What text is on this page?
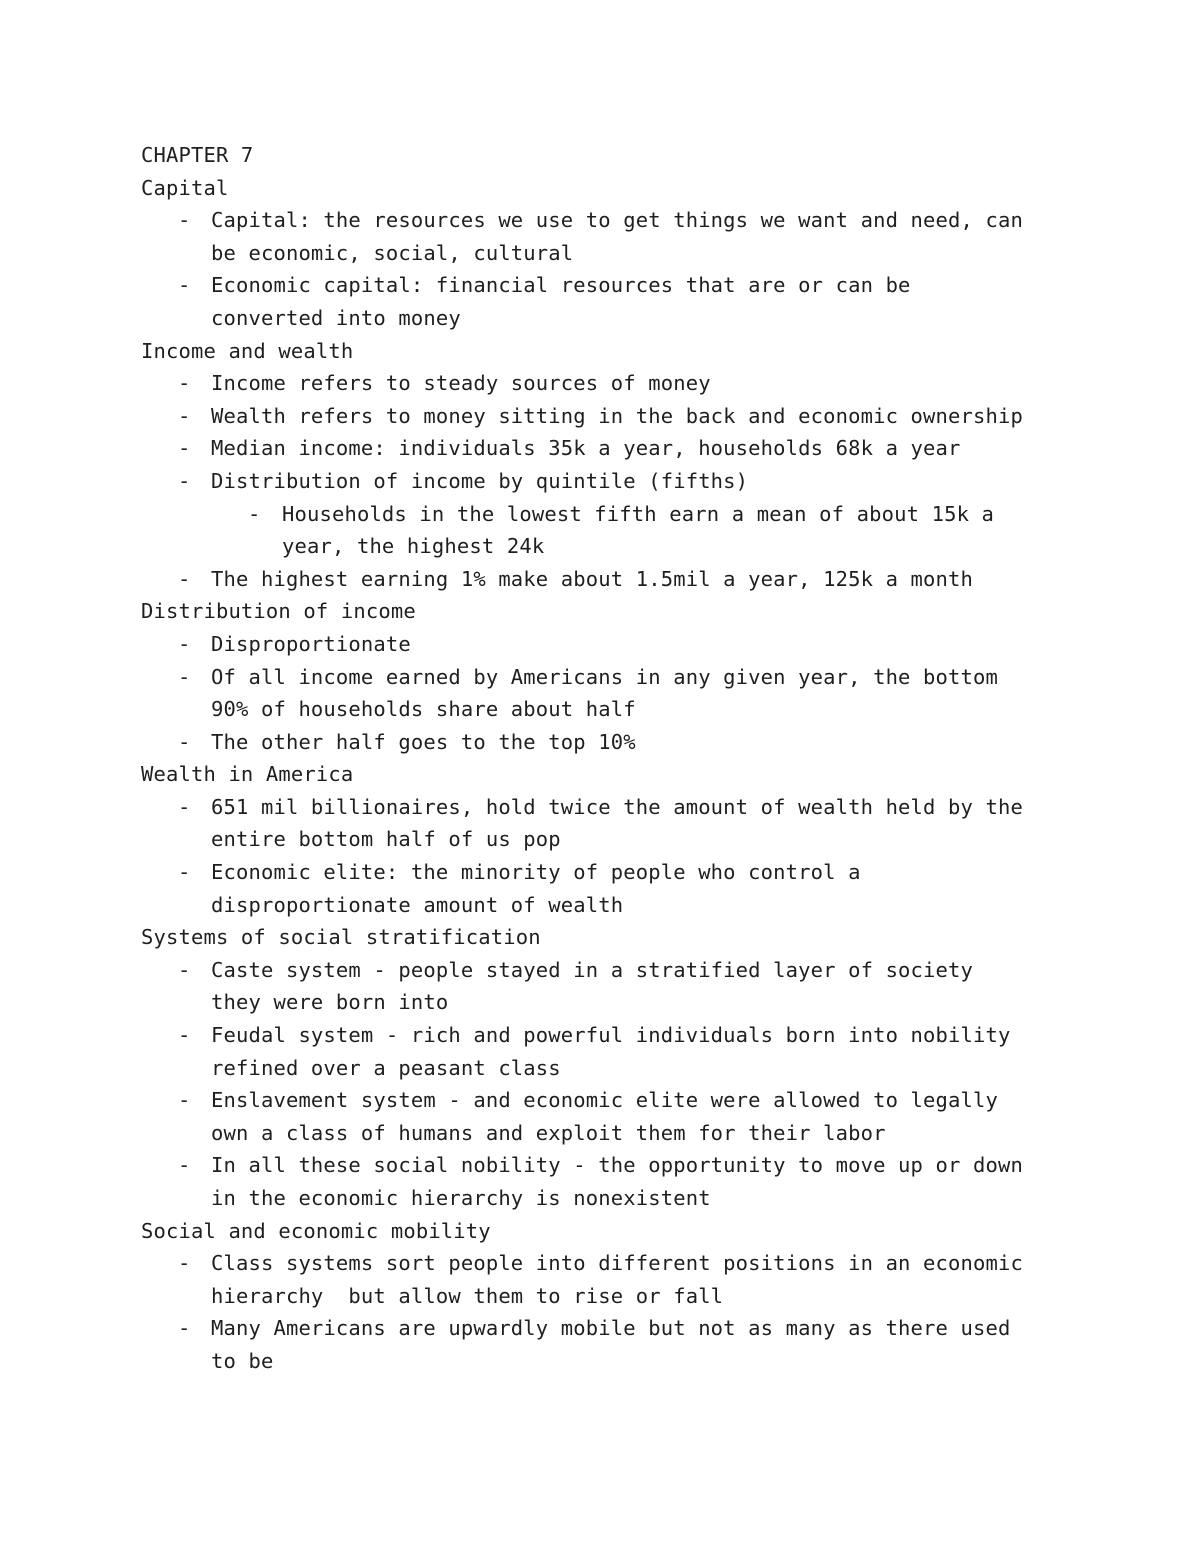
CHAPTER 7
Capital
- Capital: the resources we use to get things we want and need, can
be economic, social, cultural
- Economic capital: financial resources that are or can be
converted into money
Income and wealth
- Income refers to steady sources of money
- Wealth refers to money sitting in the back and economic ownership
- Median income: individuals 35k a year, households 68k a year
- Distribution of income by quintile (fifths)
- Households in the lowest fifth earn a mean of about 15k a
year, the highest 24k
- The highest earning 1% make about 1.5mil a year, 125k a month
Distribution of income
- Disproportionate
- Of all income earned by Americans in any given year, the bottom
90% of households share about half
- The other half goes to the top 10%
Wealth in America
- 651 mil billionaires, hold twice the amount of wealth held by the
entire bottom half of us pop
- Economic elite: the minority of people who control a
disproportionate amount of wealth
Systems of social stratification
- Caste system - people stayed in a stratified layer of society
they were born into
- Feudal system - rich and powerful individuals born into nobility
refined over a peasant class
- Enslavement system - and economic elite were allowed to legally
own a class of humans and exploit them for their labor
- In all these social nobility - the opportunity to move up or down
in the economic hierarchy is nonexistent
Social and economic mobility
- Class systems sort people into different positions in an economic
hierarchy  but allow them to rise or fall
- Many Americans are upwardly mobile but not as many as there used
to be
